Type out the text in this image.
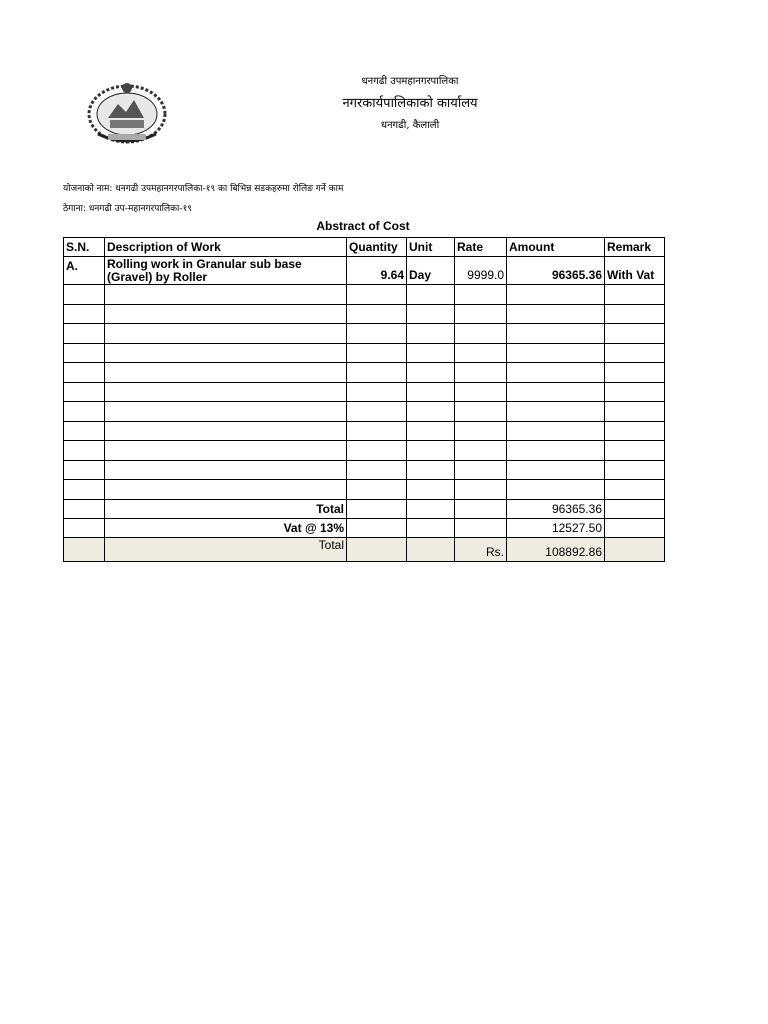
धनगढी उपमहानगरपालिका
नगरकार्यपालिकाको कार्यालय
धनगढी, कैलाली
योजनाको नाम: धनगढी उपमहानगरपालिका-१९ का बिभिन्न सडकहरुमा रोलिङ गर्ने काम
ठेगाना: धनगढी उप-महानगरपालिका-१९
Abstract of Cost
S.N.	Description of Work	Quantity	Unit	Rate	Amount	Remark
A.	Rolling work in Granular sub base (Gravel) by Roller	9.64	Day	9999.0	96365.36	With Vat

	Total				96365.36	
	Vat @ 13%				12527.50	
	Total			Rs.	108892.86	
